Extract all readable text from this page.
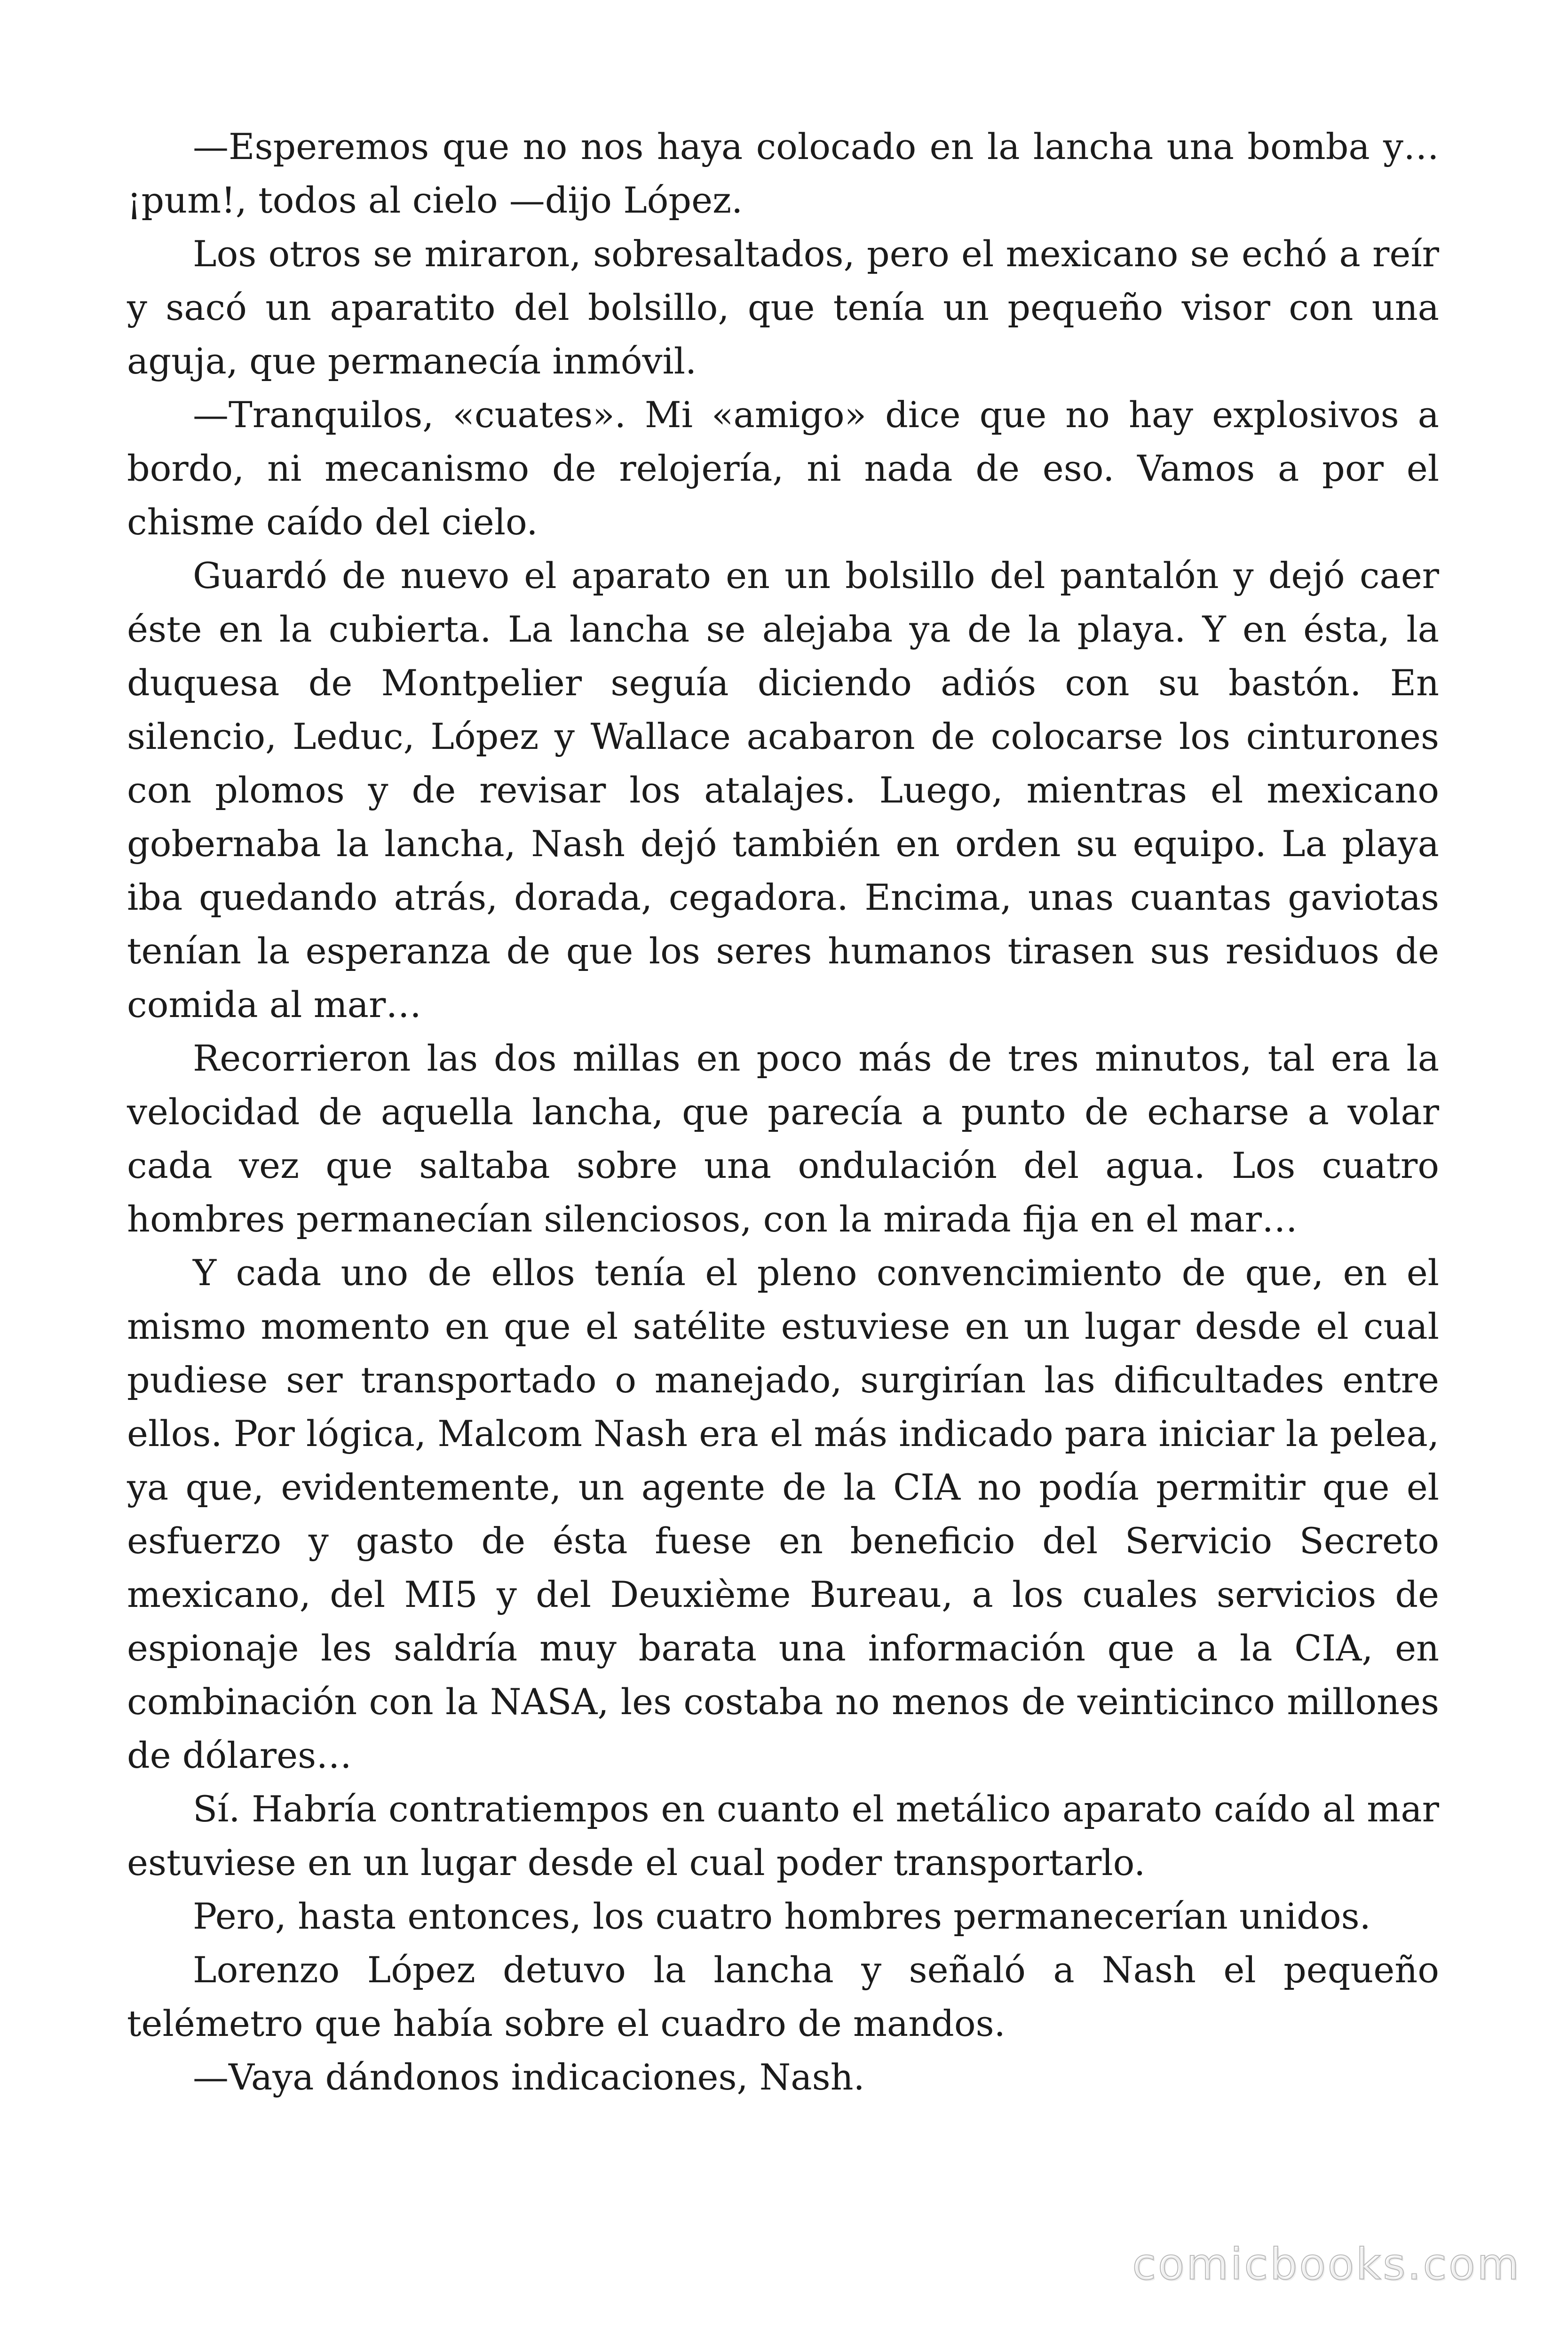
—Esperemos que no nos haya colocado en la lancha una bomba y… ¡pum!, todos al cielo —dijo López.

Los otros se miraron, sobresaltados, pero el mexicano se echó a reír y sacó un aparatito del bolsillo, que tenía un pequeño visor con una aguja, que permanecía inmóvil.

—Tranquilos, «cuates». Mi «amigo» dice que no hay explosivos a bordo, ni mecanismo de relojería, ni nada de eso. Vamos a por el chisme caído del cielo.

Guardó de nuevo el aparato en un bolsillo del pantalón y dejó caer éste en la cubierta. La lancha se alejaba ya de la playa. Y en ésta, la duquesa de Montpelier seguía diciendo adiós con su bastón. En silencio, Leduc, López y Wallace acabaron de colocarse los cinturones con plomos y de revisar los atalajes. Luego, mientras el mexicano gobernaba la lancha, Nash dejó también en orden su equipo. La playa iba quedando atrás, dorada, cegadora. Encima, unas cuantas gaviotas tenían la esperanza de que los seres humanos tirasen sus residuos de comida al mar…

Recorrieron las dos millas en poco más de tres minutos, tal era la velocidad de aquella lancha, que parecía a punto de echarse a volar cada vez que saltaba sobre una ondulación del agua. Los cuatro hombres permanecían silenciosos, con la mirada fija en el mar…

Y cada uno de ellos tenía el pleno convencimiento de que, en el mismo momento en que el satélite estuviese en un lugar desde el cual pudiese ser transportado o manejado, surgirían las dificultades entre ellos. Por lógica, Malcom Nash era el más indicado para iniciar la pelea, ya que, evidentemente, un agente de la CIA no podía permitir que el esfuerzo y gasto de ésta fuese en beneficio del Servicio Secreto mexicano, del MI5 y del Deuxième Bureau, a los cuales servicios de espionaje les saldría muy barata una información que a la CIA, en combinación con la NASA, les costaba no menos de veinticinco millones de dólares…

Sí. Habría contratiempos en cuanto el metálico aparato caído al mar estuviese en un lugar desde el cual poder transportarlo.

Pero, hasta entonces, los cuatro hombres permanecerían unidos.

Lorenzo López detuvo la lancha y señaló a Nash el pequeño telémetro que había sobre el cuadro de mandos.

—Vaya dándonos indicaciones, Nash.

comicbooks.com
